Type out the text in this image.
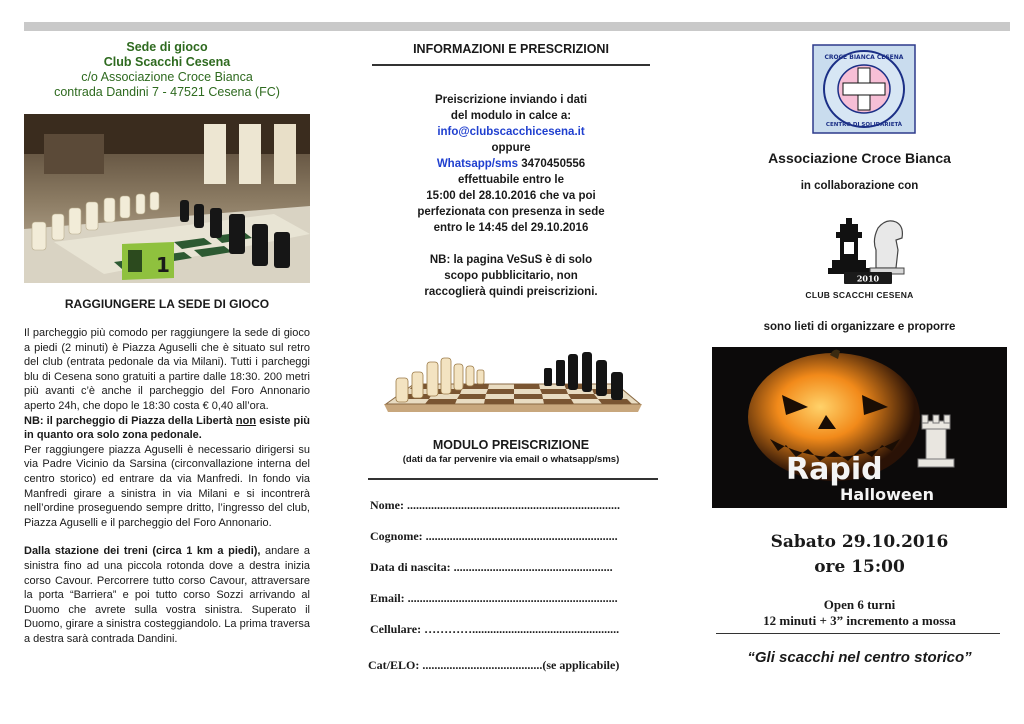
Sede di gioco
Club Scacchi Cesena
c/o Associazione Croce Bianca
contrada Dandini 7 - 47521 Cesena (FC)
1
RAGGIUNGERE LA SEDE DI GIOCO

Il parcheggio più comodo per raggiungere la sede di gioco a piedi (2 minuti) è Piazza Aguselli che è situato sul retro del club (entrata pedonale da via Milani). Tutti i parcheggi blu di Cesena sono gratuiti a partire dalle 18:30. 200 metri più avanti c’è anche il parcheggio del Foro Annonario aperto 24h, che dopo le 18:30 costa € 0,40 all’ora.

NB: il parcheggio di Piazza della Libertà non esiste più in quanto ora solo zona pedonale.

Per raggiungere piazza Aguselli è necessario dirigersi su via Padre Vicinio da Sarsina (circonvallazione interna del centro storico) ed entrare da via Manfredi. In fondo via Manfredi girare a sinistra in via Milani e si incontrerà nell’ordine proseguendo sempre dritto, l’ingresso del club, Piazza Aguselli e il parcheggio del Foro Annonario.

Dalla stazione dei treni (circa 1 km a piedi), andare a sinistra fino ad una piccola rotonda dove a destra inizia corso Cavour. Percorrere tutto corso Cavour, attraversare la porta “Barriera” e poi tutto corso Sozzi arrivando al Duomo che avrete sulla vostra sinistra. Superato il Duomo, girare a sinistra costeggiandolo. La prima traversa a destra sarà contrada Dandini.

INFORMAZIONI E PRESCRIZIONI
Preiscrizione inviando i dati
del modulo in calce a:
info@clubscacchicesena.it
oppure
Whatsapp/sms 3470450556
effettuabile entro le
15:00 del 28.10.2016 che va poi
perfezionata con presenza in sede
entro le 14:45 del 29.10.2016
NB: la pagina VeSuS è di solo
scopo pubblicitario, non
raccoglierà quindi preiscrizioni.
MODULO PREISCRIZIONE
(dati da far pervenire via email o whatsapp/sms)
Nome: .......................................................................
Cognome: ................................................................
Data di nascita: .....................................................
Email: ......................................................................
Cellulare: ………….................................................
Cat/ELO: ........................................(se applicabile)
CROCE BIANCA CESENA
CENTRO DI SOLIDARIETÀ
Associazione Croce Bianca
in collaborazione con
2010
CLUB SCACCHI CESENA
sono lieti di organizzare e proporre
Rapid
Halloween
Sabato 29.10.2016
ore 15:00
Open 6 turni
12 minuti + 3” incremento a mossa
“Gli scacchi nel centro storico”
